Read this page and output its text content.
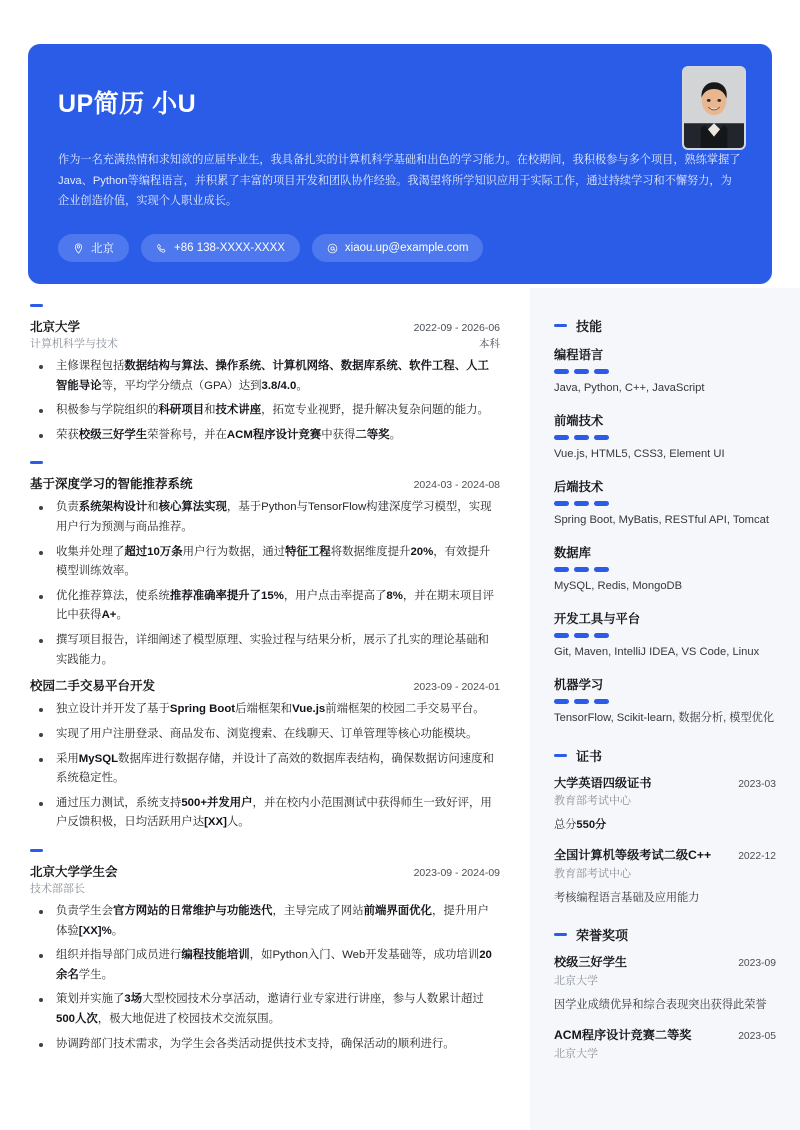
UP简历 小U
作为一名充满热情和求知欲的应届毕业生，我具备扎实的计算机科学基础和出色的学习能力。在校期间，我积极参与多个项目，熟练掌握了Java、Python等编程语言，并积累了丰富的项目开发和团队协作经验。我渴望将所学知识应用于实际工作，通过持续学习和不懈努力，为企业创造价值，实现个人职业成长。
北京	+86 138-XXXX-XXXX	xiaou.up@example.com
北京大学	2022-09 - 2026-06
计算机科学与技术	本科
主修课程包括数据结构与算法、操作系统、计算机网络、数据库系统、软件工程、人工智能导论等，平均学分绩点（GPA）达到3.8/4.0。
积极参与学院组织的科研项目和技术讲座，拓宽专业视野，提升解决复杂问题的能力。
荣获校级三好学生荣誉称号，并在ACM程序设计竞赛中获得二等奖。
基于深度学习的智能推荐系统	2024-03 - 2024-08
负责系统架构设计和核心算法实现，基于Python与TensorFlow构建深度学习模型，实现用户行为预测与商品推荐。
收集并处理了超过10万条用户行为数据，通过特征工程将数据维度提升20%，有效提升模型训练效率。
优化推荐算法，使系统推荐准确率提升了15%，用户点击率提高了8%，并在期末项目评比中获得A+。
撰写项目报告，详细阐述了模型原理、实验过程与结果分析，展示了扎实的理论基础和实践能力。
校园二手交易平台开发	2023-09 - 2024-01
独立设计并开发了基于Spring Boot后端框架和Vue.js前端框架的校园二手交易平台。
实现了用户注册登录、商品发布、浏览搜索、在线聊天、订单管理等核心功能模块。
采用MySQL数据库进行数据存储，并设计了高效的数据库表结构，确保数据访问速度和系统稳定性。
通过压力测试，系统支持500+并发用户，并在校内小范围测试中获得师生一致好评，用户反馈积极，日均活跃用户达[XX]人。
北京大学学生会	2023-09 - 2024-09
技术部部长
负责学生会官方网站的日常维护与功能迭代，主导完成了网站前端界面优化，提升用户体验[XX]%。
组织并指导部门成员进行编程技能培训，如Python入门、Web开发基础等，成功培训20余名学生。
策划并实施了3场大型校园技术分享活动，邀请行业专家进行讲座，参与人数累计超过500人次，极大地促进了校园技术交流氛围。
协调跨部门技术需求，为学生会各类活动提供技术支持，确保活动的顺利进行。
技能
编程语言
Java, Python, C++, JavaScript
前端技术
Vue.js, HTML5, CSS3, Element UI
后端技术
Spring Boot, MyBatis, RESTful API, Tomcat
数据库
MySQL, Redis, MongoDB
开发工具与平台
Git, Maven, IntelliJ IDEA, VS Code, Linux
机器学习
TensorFlow, Scikit-learn, 数据分析, 模型优化
证书
大学英语四级证书	2023-03
教育部考试中心
总分550分
全国计算机等级考试二级C++	2022-12
教育部考试中心
考核编程语言基础及应用能力
荣誉奖项
校级三好学生	2023-09
北京大学
因学业成绩优异和综合表现突出获得此荣誉
ACM程序设计竞赛二等奖	2023-05
北京大学
